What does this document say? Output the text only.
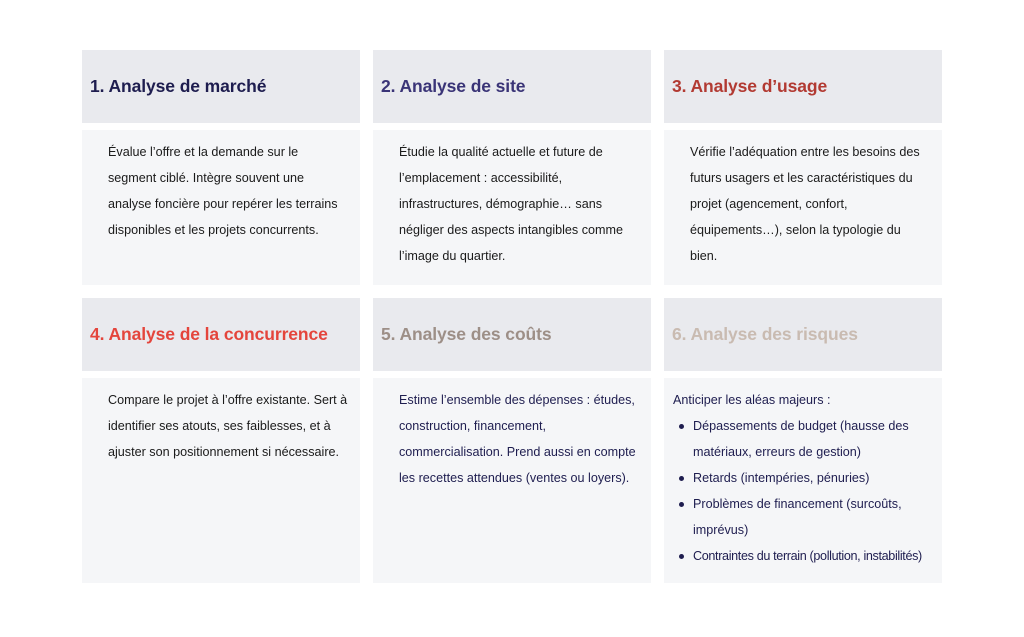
1. Analyse de marché

Évalue l’offre et la demande sur le segment ciblé. Intègre souvent une analyse foncière pour repérer les terrains disponibles et les projets concurrents.

2. Analyse de site

Étudie la qualité actuelle et future de l’emplacement : accessibilité, infrastructures, démographie… sans négliger des aspects intangibles comme l’image du quartier.

3. Analyse d’usage

Vérifie l’adéquation entre les besoins des futurs usagers et les caractéristiques du projet (agencement, confort, équipements…), selon la typologie du bien.

4. Analyse de la concurrence

Compare le projet à l’offre existante. Sert à identifier ses atouts, ses faiblesses, et à ajuster son positionnement si nécessaire.

5. Analyse des coûts

Estime l’ensemble des dépenses : études, construction, financement, commercialisation. Prend aussi en compte les recettes attendues (ventes ou loyers).

6. Analyse des risques

Anticiper les aléas majeurs :

Dépassements de budget (hausse des matériaux, erreurs de gestion)
Retards (intempéries, pénuries)
Problèmes de financement (surcoûts, imprévus)
Contraintes du terrain (pollution, instabilités)
